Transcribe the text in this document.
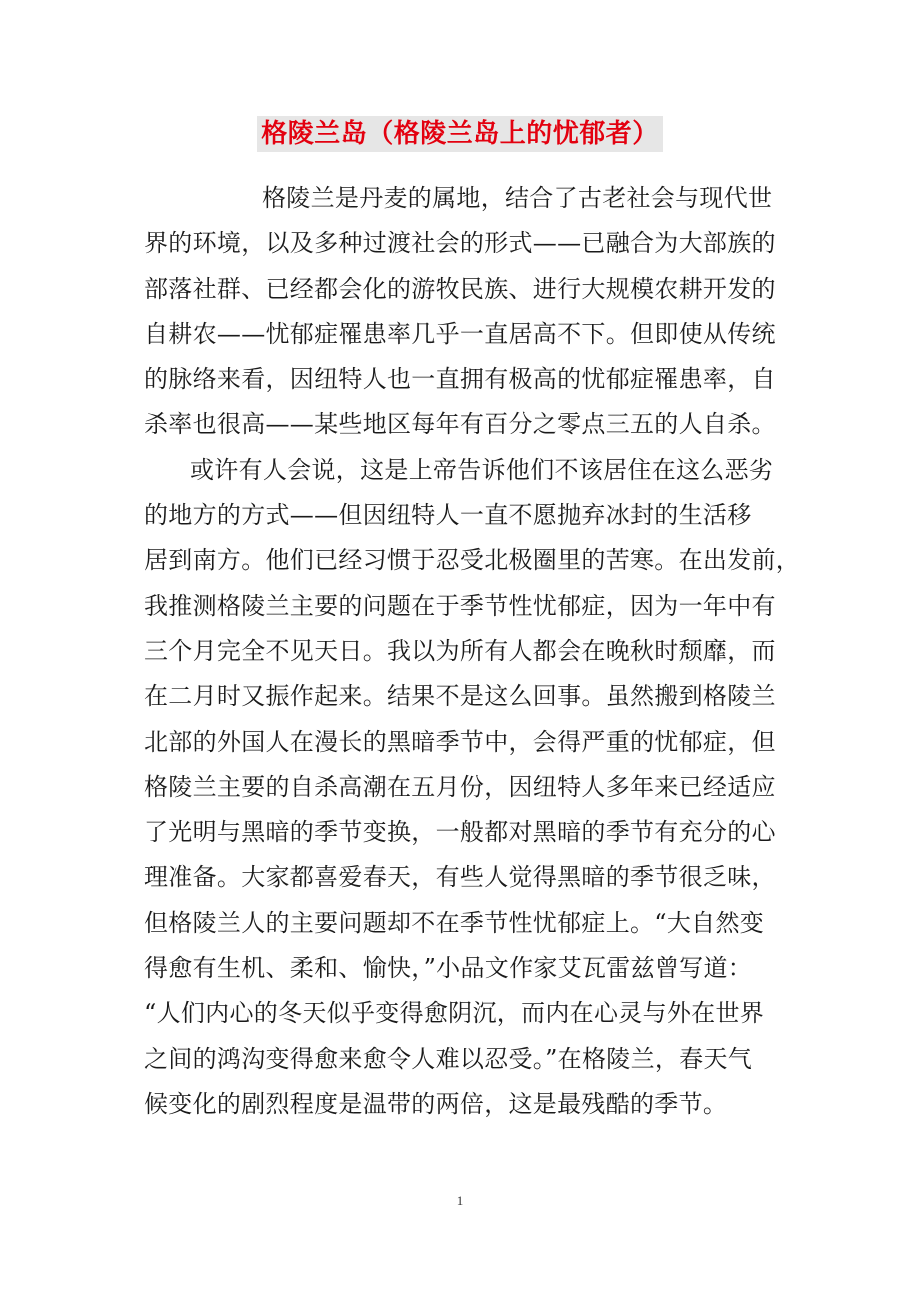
格陵兰岛（格陵兰岛上的忧郁者）
格陵兰是丹麦的属地，结合了古老社会与现代世
界的环境，以及多种过渡社会的形式——已融合为大部族的
部落社群、已经都会化的游牧民族、进行大规模农耕开发的
自耕农——忧郁症罹患率几乎一直居高不下。但即使从传统
的脉络来看，因纽特人也一直拥有极高的忧郁症罹患率，自
杀率也很高——某些地区每年有百分之零点三五的人自杀。
或许有人会说，这是上帝告诉他们不该居住在这么恶劣
的地方的方式——但因纽特人一直不愿抛弃冰封的生活移
居到南方。他们已经习惯于忍受北极圈里的苦寒。在出发前，
我推测格陵兰主要的问题在于季节性忧郁症，因为一年中有
三个月完全不见天日。我以为所有人都会在晚秋时颓靡，而
在二月时又振作起来。结果不是这么回事。虽然搬到格陵兰
北部的外国人在漫长的黑暗季节中，会得严重的忧郁症，但
格陵兰主要的自杀高潮在五月份，因纽特人多年来已经适应
了光明与黑暗的季节变换，一般都对黑暗的季节有充分的心
理准备。大家都喜爱春天，有些人觉得黑暗的季节很乏味，
但格陵兰人的主要问题却不在季节性忧郁症上。“大自然变
得愈有生机、柔和、愉快，”小品文作家艾瓦雷兹曾写道：
“人们内心的冬天似乎变得愈阴沉，而内在心灵与外在世界
之间的鸿沟变得愈来愈令人难以忍受。”在格陵兰，春天气
候变化的剧烈程度是温带的两倍，这是最残酷的季节。
1
